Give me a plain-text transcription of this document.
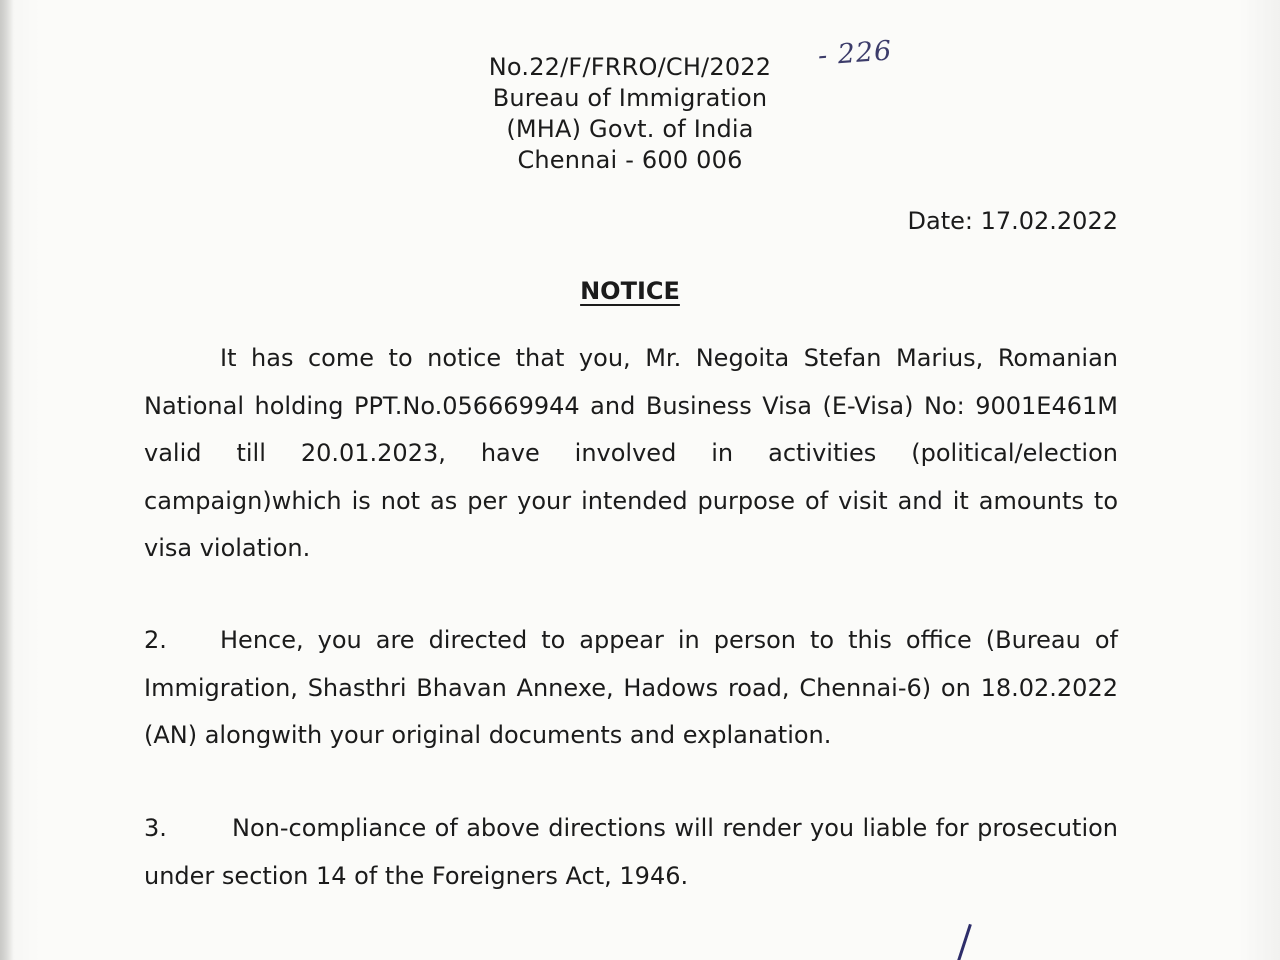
No.22/F/FRRO/CH/2022

Bureau of Immigration
(MHA) Govt. of India
Chennai - 600 006
- 226
Date: 17.02.2022
NOTICE

It has come to notice that you, Mr. Negoita Stefan Marius, Romanian National holding PPT.No.056669944 and Business Visa (E-Visa) No: 9001E461M valid till 20.01.2023, have involved in activities (political/election campaign)which is not as per your intended purpose of visit and it amounts to visa violation.

2. Hence, you are directed to appear in person to this office (Bureau of Immigration, Shasthri Bhavan Annexe, Hadows road, Chennai-6) on 18.02.2022 (AN) alongwith your original documents and explanation.

3.	Non-compliance of above directions will render you liable for prosecution under section 14 of the Foreigners Act, 1946.
